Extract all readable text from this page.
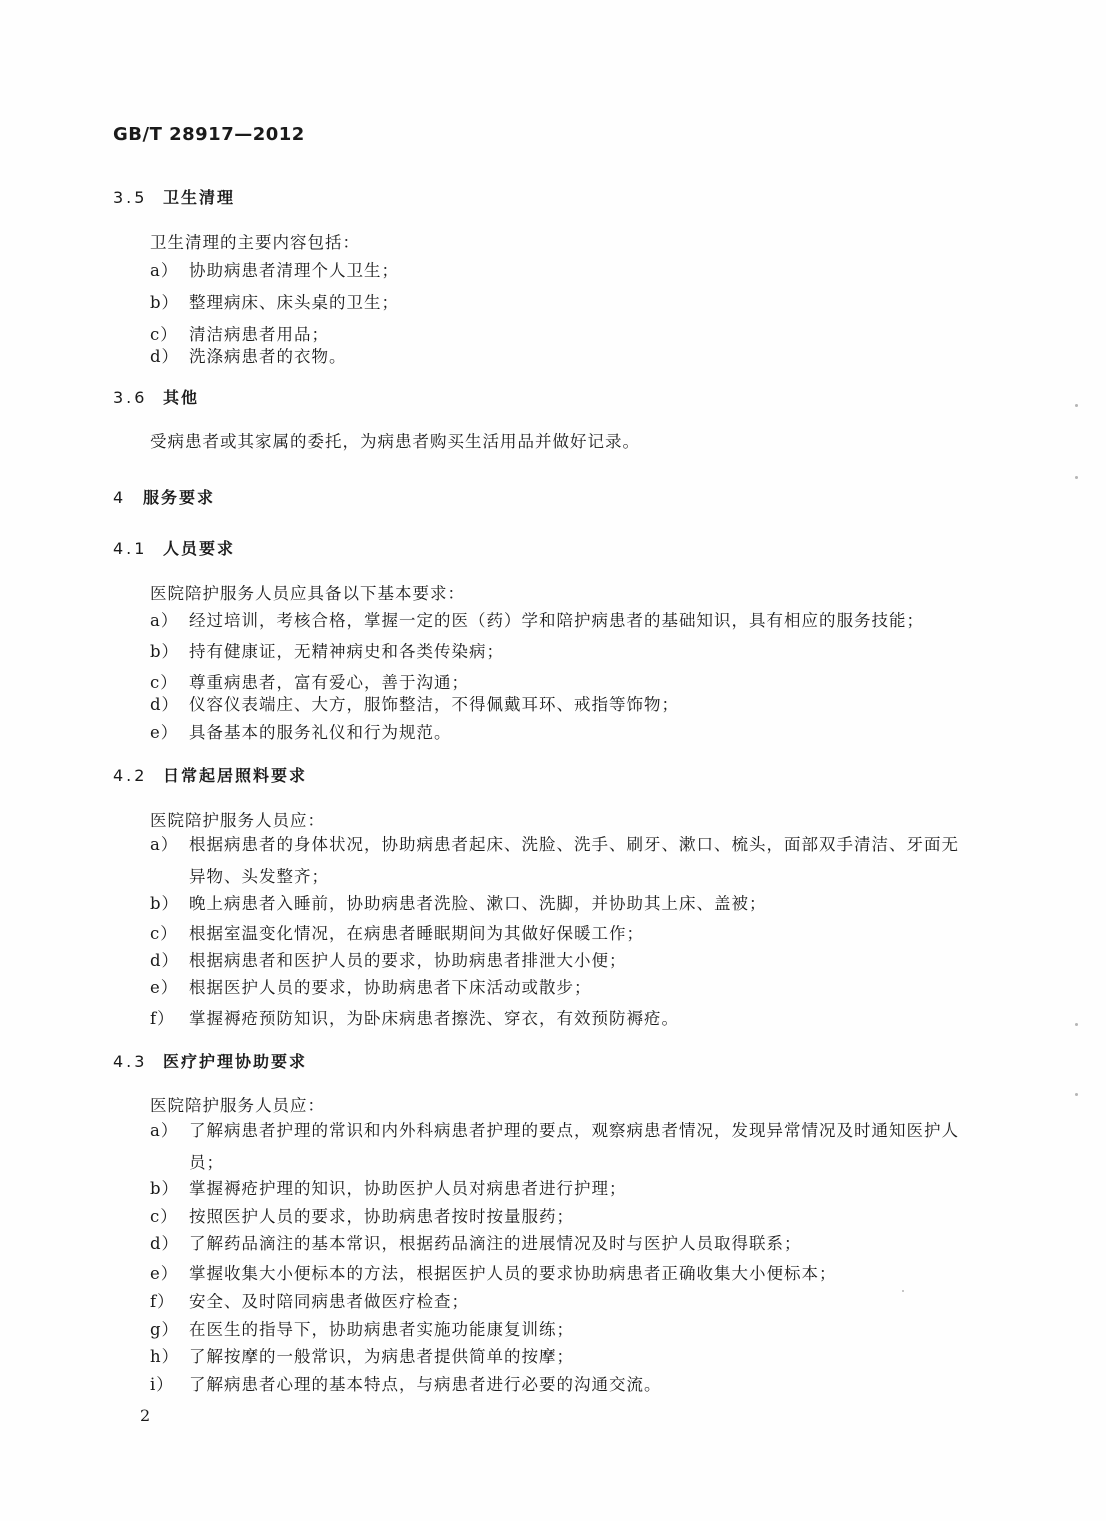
GB/T 28917—2012
3.5 卫生清理
卫生清理的主要内容包括：
a） 协助病患者清理个人卫生；
b） 整理病床、床头桌的卫生；
c） 清洁病患者用品；
d） 洗涤病患者的衣物。
3.6 其他
受病患者或其家属的委托，为病患者购买生活用品并做好记录。
4 服务要求
4.1 人员要求
医院陪护服务人员应具备以下基本要求：
a） 经过培训，考核合格，掌握一定的医（药）学和陪护病患者的基础知识，具有相应的服务技能；
b） 持有健康证，无精神病史和各类传染病；
c） 尊重病患者，富有爱心，善于沟通；
d） 仪容仪表端庄、大方，服饰整洁，不得佩戴耳环、戒指等饰物；
e） 具备基本的服务礼仪和行为规范。
4.2 日常起居照料要求
医院陪护服务人员应：
a） 根据病患者的身体状况，协助病患者起床、洗脸、洗手、刷牙、漱口、梳头，面部双手清洁、牙面无异物、头发整齐；
b） 晚上病患者入睡前，协助病患者洗脸、漱口、洗脚，并协助其上床、盖被；
c） 根据室温变化情况，在病患者睡眠期间为其做好保暖工作；
d） 根据病患者和医护人员的要求，协助病患者排泄大小便；
e） 根据医护人员的要求，协助病患者下床活动或散步；
f） 掌握褥疮预防知识，为卧床病患者擦洗、穿衣，有效预防褥疮。
4.3 医疗护理协助要求
医院陪护服务人员应：
a） 了解病患者护理的常识和内外科病患者护理的要点，观察病患者情况，发现异常情况及时通知医护人员；
b） 掌握褥疮护理的知识，协助医护人员对病患者进行护理；
c） 按照医护人员的要求，协助病患者按时按量服药；
d） 了解药品滴注的基本常识，根据药品滴注的进展情况及时与医护人员取得联系；
e） 掌握收集大小便标本的方法，根据医护人员的要求协助病患者正确收集大小便标本；
f） 安全、及时陪同病患者做医疗检查；
g） 在医生的指导下，协助病患者实施功能康复训练；
h） 了解按摩的一般常识，为病患者提供简单的按摩；
i） 了解病患者心理的基本特点，与病患者进行必要的沟通交流。
2
